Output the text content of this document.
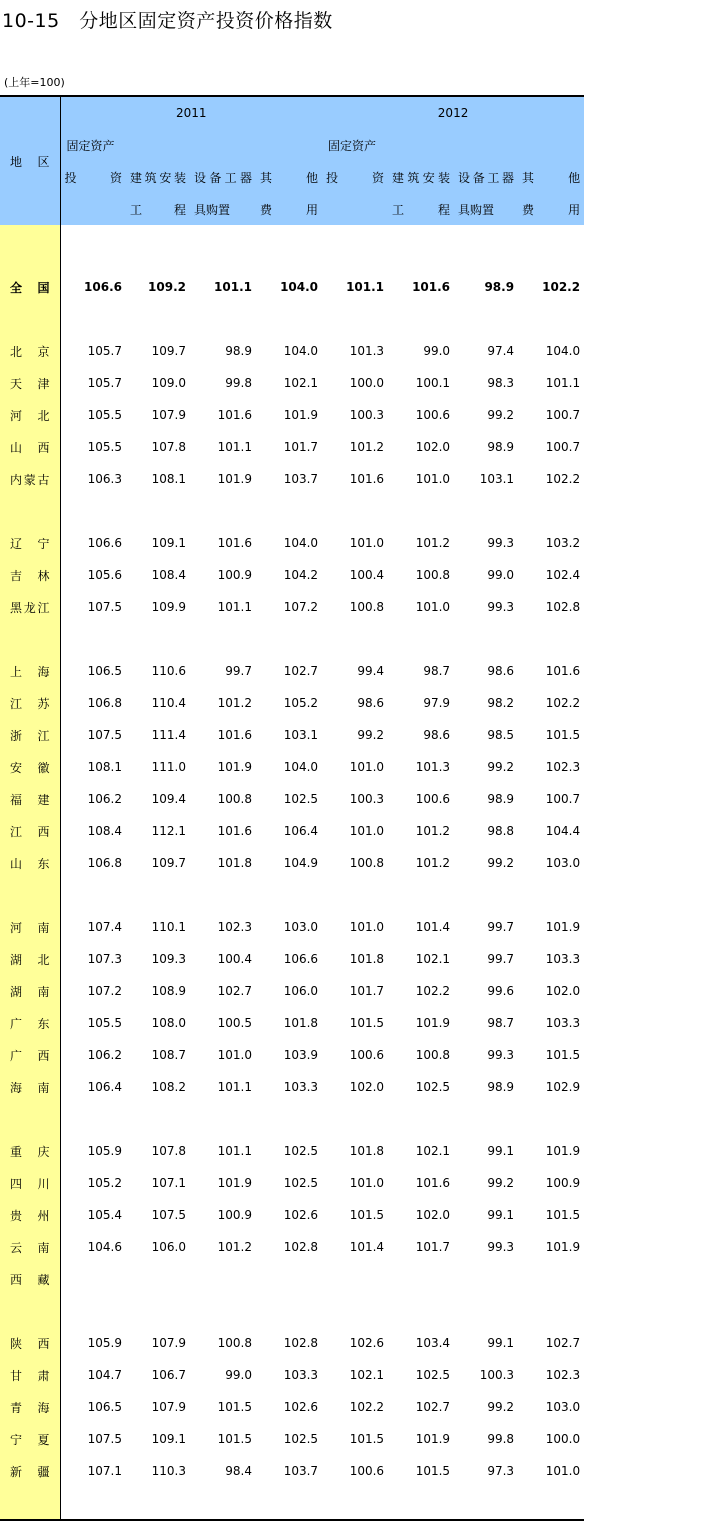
10-15　分地区固定资产投资价格指数
(上年=100)
地　区	2011				2012			
	固定资产				固定资产			
	投　　资	建筑安装	设备工器	其　　他	投　　资	建筑安装	设备工器	其　　他
		工　　程	具购置	费　　用		工　　程	具购置	费　　用

全国	106.6	109.2	101.1	104.0	101.1	101.6	98.9	102.2

北京	105.7	109.7	98.9	104.0	101.3	99.0	97.4	104.0
天津	105.7	109.0	99.8	102.1	100.0	100.1	98.3	101.1
河北	105.5	107.9	101.6	101.9	100.3	100.6	99.2	100.7
山西	105.5	107.8	101.1	101.7	101.2	102.0	98.9	100.7
内蒙古	106.3	108.1	101.9	103.7	101.6	101.0	103.1	102.2

辽宁	106.6	109.1	101.6	104.0	101.0	101.2	99.3	103.2
吉林	105.6	108.4	100.9	104.2	100.4	100.8	99.0	102.4
黑龙江	107.5	109.9	101.1	107.2	100.8	101.0	99.3	102.8

上海	106.5	110.6	99.7	102.7	99.4	98.7	98.6	101.6
江苏	106.8	110.4	101.2	105.2	98.6	97.9	98.2	102.2
浙江	107.5	111.4	101.6	103.1	99.2	98.6	98.5	101.5
安徽	108.1	111.0	101.9	104.0	101.0	101.3	99.2	102.3
福建	106.2	109.4	100.8	102.5	100.3	100.6	98.9	100.7
江西	108.4	112.1	101.6	106.4	101.0	101.2	98.8	104.4
山东	106.8	109.7	101.8	104.9	100.8	101.2	99.2	103.0

河南	107.4	110.1	102.3	103.0	101.0	101.4	99.7	101.9
湖北	107.3	109.3	100.4	106.6	101.8	102.1	99.7	103.3
湖南	107.2	108.9	102.7	106.0	101.7	102.2	99.6	102.0
广东	105.5	108.0	100.5	101.8	101.5	101.9	98.7	103.3
广西	106.2	108.7	101.0	103.9	100.6	100.8	99.3	101.5
海南	106.4	108.2	101.1	103.3	102.0	102.5	98.9	102.9

重庆	105.9	107.8	101.1	102.5	101.8	102.1	99.1	101.9
四川	105.2	107.1	101.9	102.5	101.0	101.6	99.2	100.9
贵州	105.4	107.5	100.9	102.6	101.5	102.0	99.1	101.5
云南	104.6	106.0	101.2	102.8	101.4	101.7	99.3	101.9
西藏								

陕西	105.9	107.9	100.8	102.8	102.6	103.4	99.1	102.7
甘肃	104.7	106.7	99.0	103.3	102.1	102.5	100.3	102.3
青海	106.5	107.9	101.5	102.6	102.2	102.7	99.2	103.0
宁夏	107.5	109.1	101.5	102.5	101.5	101.9	99.8	100.0
新疆	107.1	110.3	98.4	103.7	100.6	101.5	97.3	101.0
